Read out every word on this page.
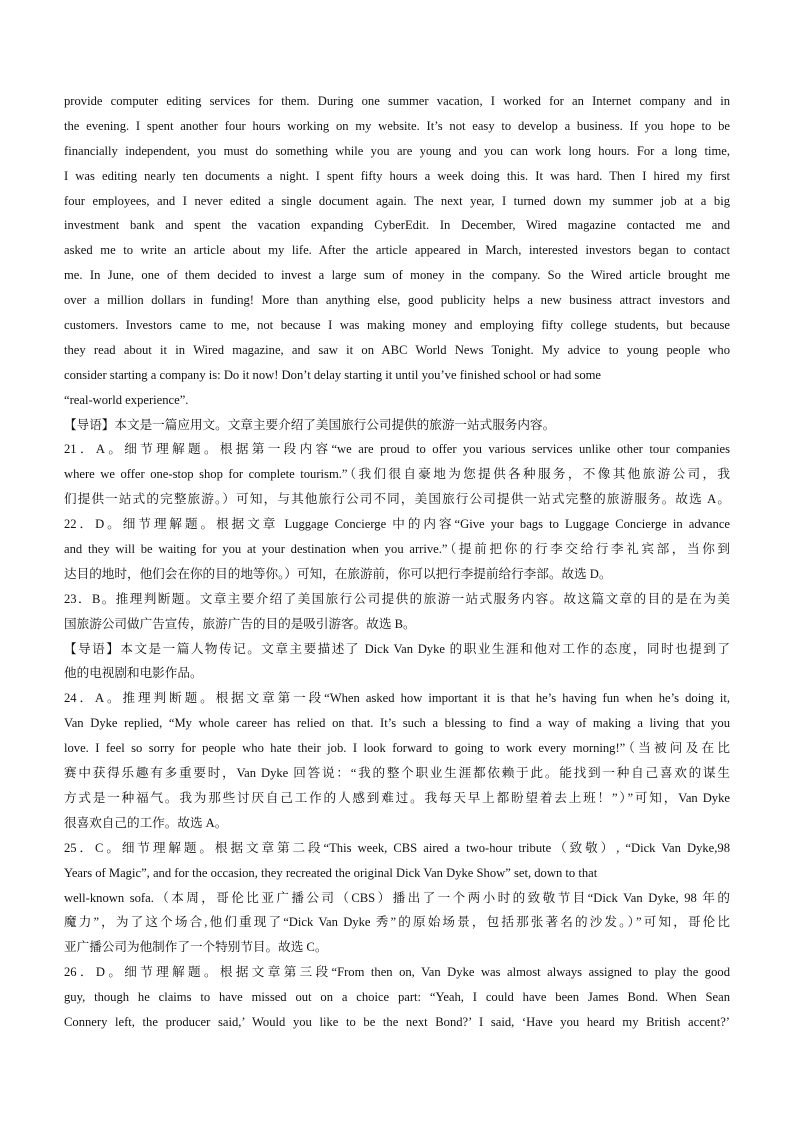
provide computer editing services for them. During one summer vacation, I worked for an Internet company and in
the evening. I spent another four hours working on my website. It’s not easy to develop a business. If you hope to be
financially independent, you must do something while you are young and you can work long hours. For a long time,
I was editing nearly ten documents a night. I spent fifty hours a week doing this. It was hard. Then I hired my first
four employees, and I never edited a single document again. The next year, I turned down my summer job at a big
investment bank and spent the vacation expanding CyberEdit. In December, Wired magazine contacted me and
asked me to write an article about my life. After the article appeared in March, interested investors began to contact
me. In June, one of them decided to invest a large sum of money in the company. So the Wired article brought me
over a million dollars in funding! More than anything else, good publicity helps a new business attract investors and
customers. Investors came to me, not because I was making money and employing fifty college students, but because
they read about it in Wired magazine, and saw it on ABC World News Tonight. My advice to young people who
consider starting a company is: Do it now! Don’t delay starting it until you’ve finished school or had some
“real-world experience”.
【导语】本文是一篇应用文。文章主要介绍了美国旅行公司提供的旅游一站式服务内容。
21．A。细节理解题。根据第一段内容“we are proud to offer you various services unlike other tour companies
where we offer one-stop shop for complete tourism.”（我们很自豪地为您提供各种服务，不像其他旅游公司，我
们提供一站式的完整旅游。）可知，与其他旅行公司不同，美国旅行公司提供一站式完整的旅游服务。故选 A。
22．D。细节理解题。根据文章 Luggage Concierge 中的内容“Give your bags to Luggage Concierge in advance
and they will be waiting for you at your destination when you arrive.”（提前把你的行李交给行李礼宾部，当你到
达目的地时，他们会在你的目的地等你。）可知，在旅游前，你可以把行李提前给行李部。故选 D。
23．B。推理判断题。文章主要介绍了美国旅行公司提供的旅游一站式服务内容。故这篇文章的目的是在为美
国旅游公司做广告宣传，旅游广告的目的是吸引游客。故选 B。
【导语】本文是一篇人物传记。文章主要描述了 Dick Van Dyke 的职业生涯和他对工作的态度，同时也提到了
他的电视剧和电影作品。
24．A。推理判断题。根据文章第一段“When asked how important it is that he’s having fun when he’s doing it,
Van Dyke replied, “My whole career has relied on that. It’s such a blessing to find a way of making a living that you
love. I feel so sorry for people who hate their job. I look forward to going to work every morning!”（当被问及在比
赛中获得乐趣有多重要时，Van Dyke 回答说：“我的整个职业生涯都依赖于此。能找到一种自己喜欢的谋生
方式是一种福气。我为那些讨厌自己工作的人感到难过。我每天早上都盼望着去上班！”）”可知，Van Dyke
很喜欢自己的工作。故选 A。
25．C。细节理解题。根据文章第二段“This week, CBS aired a two-hour tribute（致敬）, “Dick Van Dyke,98
Years of Magic”, and for the occasion, they recreated the original Dick Van Dyke Show” set, down to that
well-known sofa.（本周，哥伦比亚广播公司（CBS）播出了一个两小时的致敬节目“Dick Van Dyke, 98 年的
魔力”，为了这个场合,他们重现了“Dick Van Dyke 秀”的原始场景，包括那张著名的沙发。）”可知，哥伦比
亚广播公司为他制作了一个特别节目。故选 C。
26．D。细节理解题。根据文章第三段“From then on, Van Dyke was almost always assigned to play the good
guy, though he claims to have missed out on a choice part: “Yeah, I could have been James Bond. When Sean
Connery left, the producer said,’ Would you like to be the next Bond?’ I said, ‘Have you heard my British accent?’
